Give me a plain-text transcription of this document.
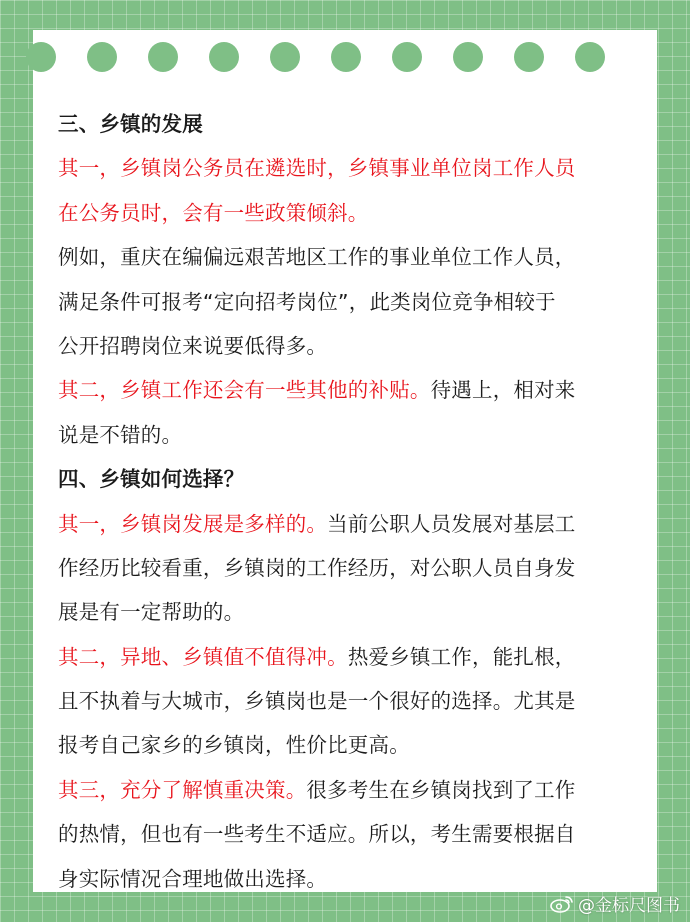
三、乡镇的发展
其一，乡镇岗公务员在遴选时，乡镇事业单位岗工作人员
在公务员时，会有一些政策倾斜。
例如，重庆在编偏远艰苦地区工作的事业单位工作人员，
满足条件可报考“定向招考岗位”，此类岗位竞争相较于
公开招聘岗位来说要低得多。
其二，乡镇工作还会有一些其他的补贴。待遇上，相对来
说是不错的。
四、乡镇如何选择？
其一，乡镇岗发展是多样的。当前公职人员发展对基层工
作经历比较看重，乡镇岗的工作经历，对公职人员自身发
展是有一定帮助的。
其二，异地、乡镇值不值得冲。热爱乡镇工作，能扎根，
且不执着与大城市，乡镇岗也是一个很好的选择。尤其是
报考自己家乡的乡镇岗，性价比更高。
其三，充分了解慎重决策。很多考生在乡镇岗找到了工作
的热情，但也有一些考生不适应。所以，考生需要根据自
身实际情况合理地做出选择。
@金标尺图书
